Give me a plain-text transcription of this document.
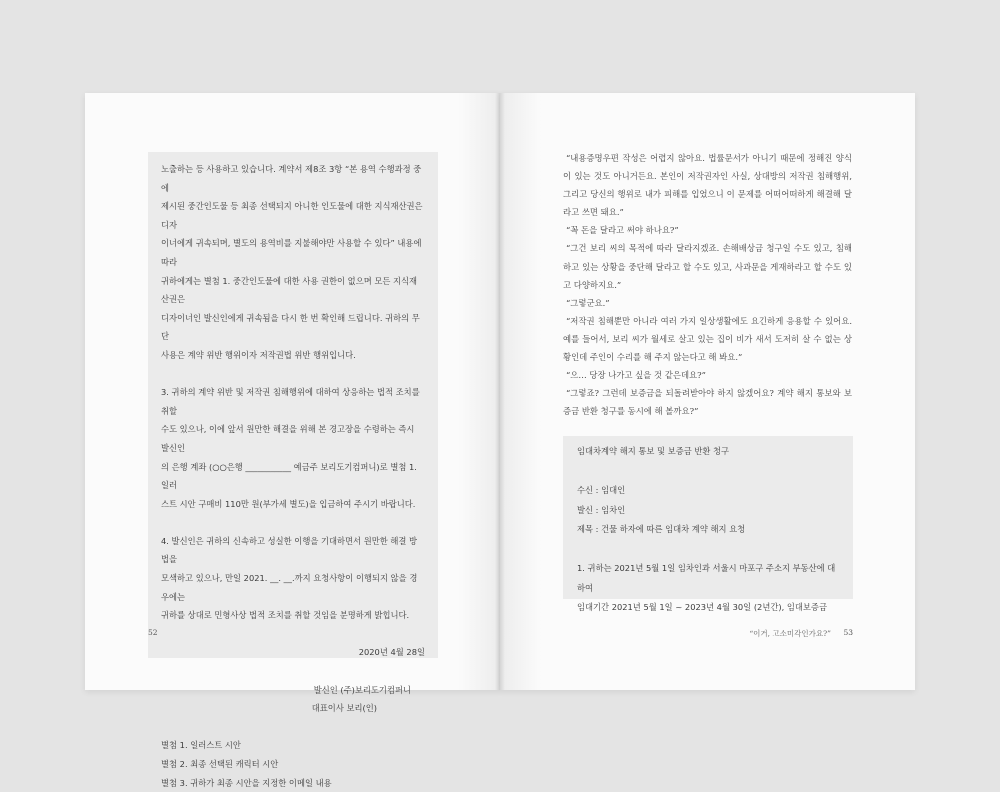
노출하는 등 사용하고 있습니다. 계약서 제8조 3항 “본 용역 수행과정 중에

제시된 중간인도물 등 최종 선택되지 아니한 인도물에 대한 지식재산권은 디자

이너에게 귀속되며, 별도의 용역비를 지불해야만 사용할 수 있다” 내용에 따라

귀하에게는 별첨 1. 중간인도물에 대한 사용 권한이 없으며 모든 지식재산권은

디자이너인 발신인에게 귀속됨을 다시 한 번 확인해 드립니다. 귀하의 무단

사용은 계약 위반 행위이자 저작권법 위반 행위입니다.

3. 귀하의 계약 위반 및 저작권 침해행위에 대하여 상응하는 법적 조치를 취할

수도 있으나, 이에 앞서 원만한 해결을 위해 본 경고장을 수령하는 즉시 발신인

의 은행 계좌 (○○은행 ___________ 예금주 보리도기컴퍼니)로 별첨 1. 일러

스트 시안 구매비 110만 원(부가세 별도)을 입금하여 주시기 바랍니다.

4. 발신인은 귀하의 신속하고 성실한 이행을 기대하면서 원만한 해결 방법을

모색하고 있으나, 만일 2021. __. __.까지 요청사항이 이행되지 않을 경우에는

귀하를 상대로 민형사상 법적 조치를 취할 것임을 분명하게 밝힙니다.

2020년 4월 28일

발신인 (주)보리도기컴퍼니

대표이사 보리(인)

별첨 1. 일러스트 시안

별첨 2. 최종 선택된 캐릭터 시안

별첨 3. 귀하가 최종 시안을 지정한 이메일 내용

52

“내용증명우편 작성은 어렵지 않아요. 법률문서가 아니기 때문에 정해진 양식이 있는 것도 아니거든요. 본인이 저작권자인 사실, 상대방의 저작권 침해행위, 그리고 당신의 행위로 내가 피해를 입었으니 이 문제를 어떠어떠하게 해결해 달라고 쓰면 돼요.”

“꼭 돈을 달라고 써야 하나요?”

“그건 보리 씨의 목적에 따라 달라지겠죠. 손해배상금 청구일 수도 있고, 침해하고 있는 상황을 중단해 달라고 할 수도 있고, 사과문을 게재하라고 할 수도 있고 다양하지요.”

“그렇군요.”

“저작권 침해뿐만 아니라 여러 가지 일상생활에도 요긴하게 응용할 수 있어요. 예를 들어서, 보리 씨가 월세로 살고 있는 집이 비가 새서 도저히 살 수 없는 상황인데 주인이 수리를 해 주지 않는다고 해 봐요.”

“으… 당장 나가고 싶을 것 같은데요?”

“그렇죠? 그런데 보증금을 되돌려받아야 하지 않겠어요? 계약 해지 통보와 보증금 반환 청구를 동시에 해 볼까요?”

임대차계약 해지 통보 및 보증금 반환 청구

수신 : 임대인

발신 : 임차인

제목 : 건물 하자에 따른 임대차 계약 해지 요청

1. 귀하는 2021년 5월 1일 임차인과 서울시 마포구 주소지 부동산에 대하여

임대기간 2021년 5월 1일 ~ 2023년 4월 30일 (2년간), 임대보증금

“이거, 고소미각인가요?” 53
